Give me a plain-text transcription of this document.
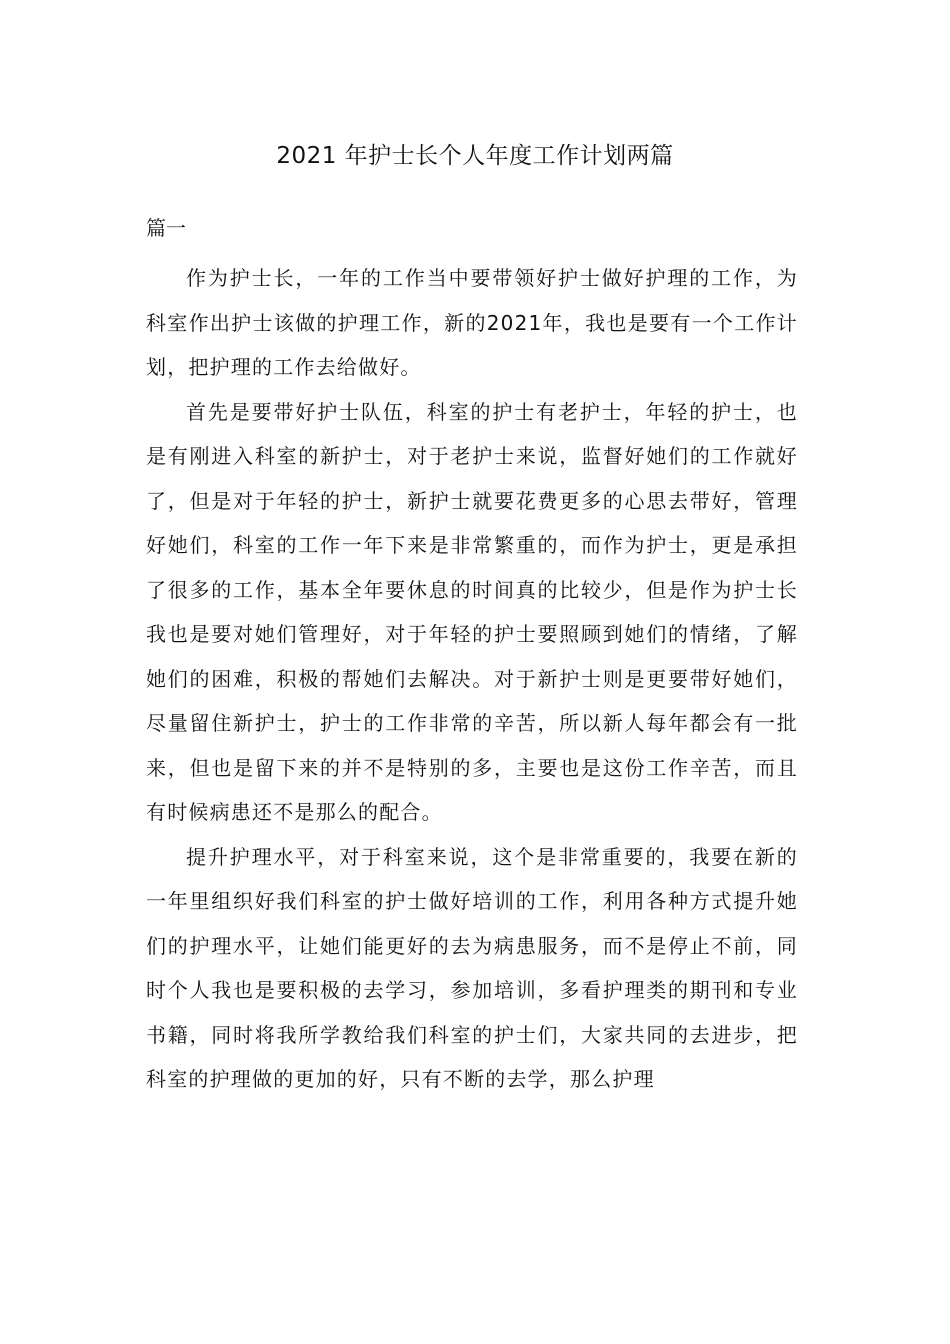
2021 年护士长个人年度工作计划两篇
篇一

作为护士长，一年的工作当中要带领好护士做好护理的工作，为科室作出护士该做的护理工作，新的2021年，我也是要有一个工作计划，把护理的工作去给做好。

首先是要带好护士队伍，科室的护士有老护士，年轻的护士，也是有刚进入科室的新护士，对于老护士来说，监督好她们的工作就好了，但是对于年轻的护士，新护士就要花费更多的心思去带好，管理好她们，科室的工作一年下来是非常繁重的，而作为护士，更是承担了很多的工作，基本全年要休息的时间真的比较少，但是作为护士长我也是要对她们管理好，对于年轻的护士要照顾到她们的情绪，了解她们的困难，积极的帮她们去解决。对于新护士则是更要带好她们，尽量留住新护士，护士的工作非常的辛苦，所以新人每年都会有一批来，但也是留下来的并不是特别的多，主要也是这份工作辛苦，而且有时候病患还不是那么的配合。

提升护理水平，对于科室来说，这个是非常重要的，我要在新的一年里组织好我们科室的护士做好培训的工作，利用各种方式提升她们的护理水平，让她们能更好的去为病患服务，而不是停止不前，同时个人我也是要积极的去学习，参加培训，多看护理类的期刊和专业书籍，同时将我所学教给我们科室的护士们，大家共同的去进步，把科室的护理做的更加的好，只有不断的去学，那么护理
